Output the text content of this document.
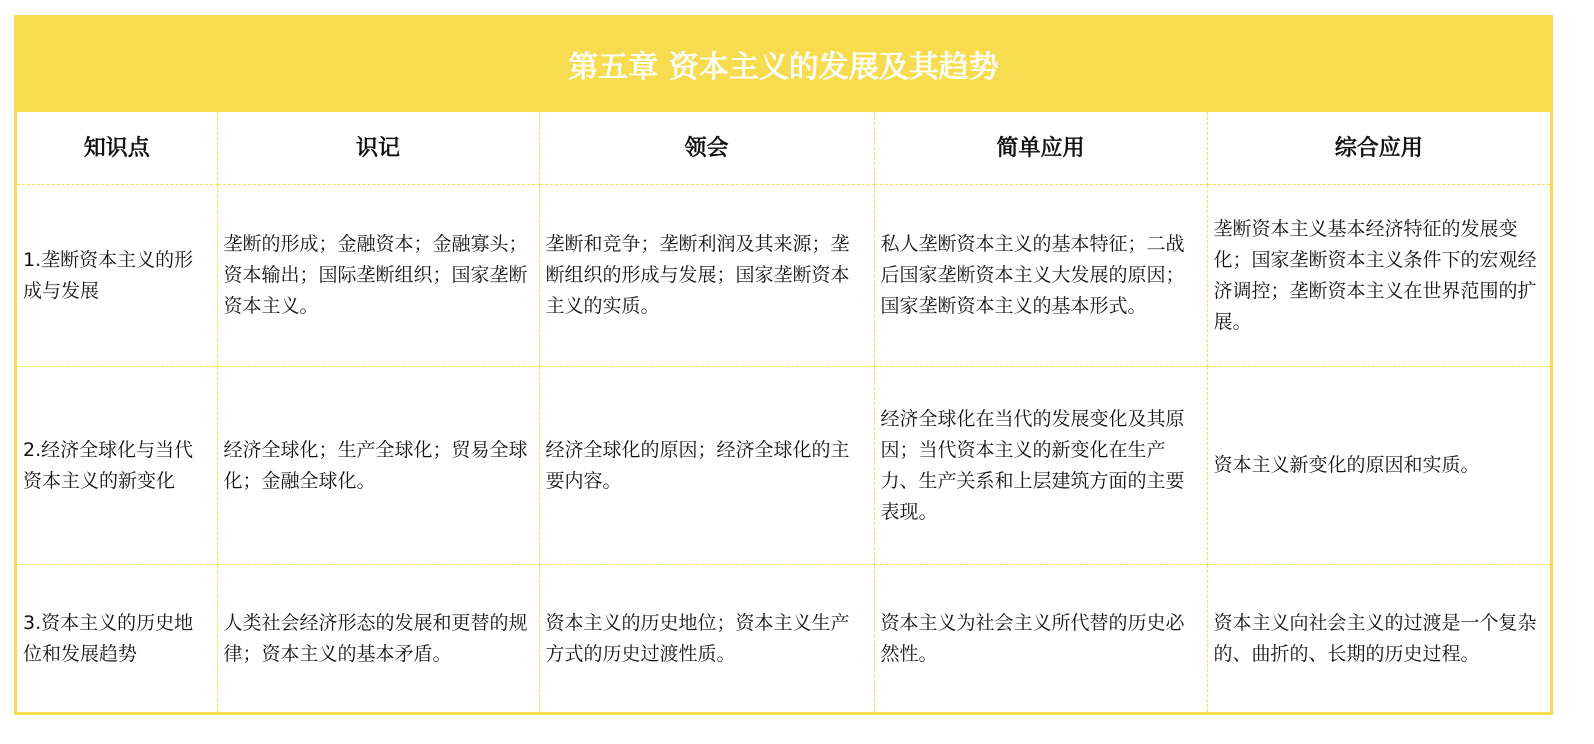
第五章 资本主义的发展及其趋势
知识点	识记	领会	简单应用	综合应用
1.垄断资本主义的形成与发展	垄断的形成；金融资本；金融寡头；资本输出；国际垄断组织；国家垄断资本主义。	垄断和竞争；垄断利润及其来源；垄断组织的形成与发展；国家垄断资本主义的实质。	私人垄断资本主义的基本特征；二战后国家垄断资本主义大发展的原因；国家垄断资本主义的基本形式。	垄断资本主义基本经济特征的发展变化；国家垄断资本主义条件下的宏观经济调控；垄断资本主义在世界范围的扩展。
2.经济全球化与当代资本主义的新变化	经济全球化；生产全球化；贸易全球化；金融全球化。	经济全球化的原因；经济全球化的主要内容。	经济全球化在当代的发展变化及其原因；当代资本主义的新变化在生产力、生产关系和上层建筑方面的主要表现。	资本主义新变化的原因和实质。
3.资本主义的历史地位和发展趋势	人类社会经济形态的发展和更替的规律；资本主义的基本矛盾。	资本主义的历史地位；资本主义生产方式的历史过渡性质。	资本主义为社会主义所代替的历史必然性。	资本主义向社会主义的过渡是一个复杂的、曲折的、长期的历史过程。
